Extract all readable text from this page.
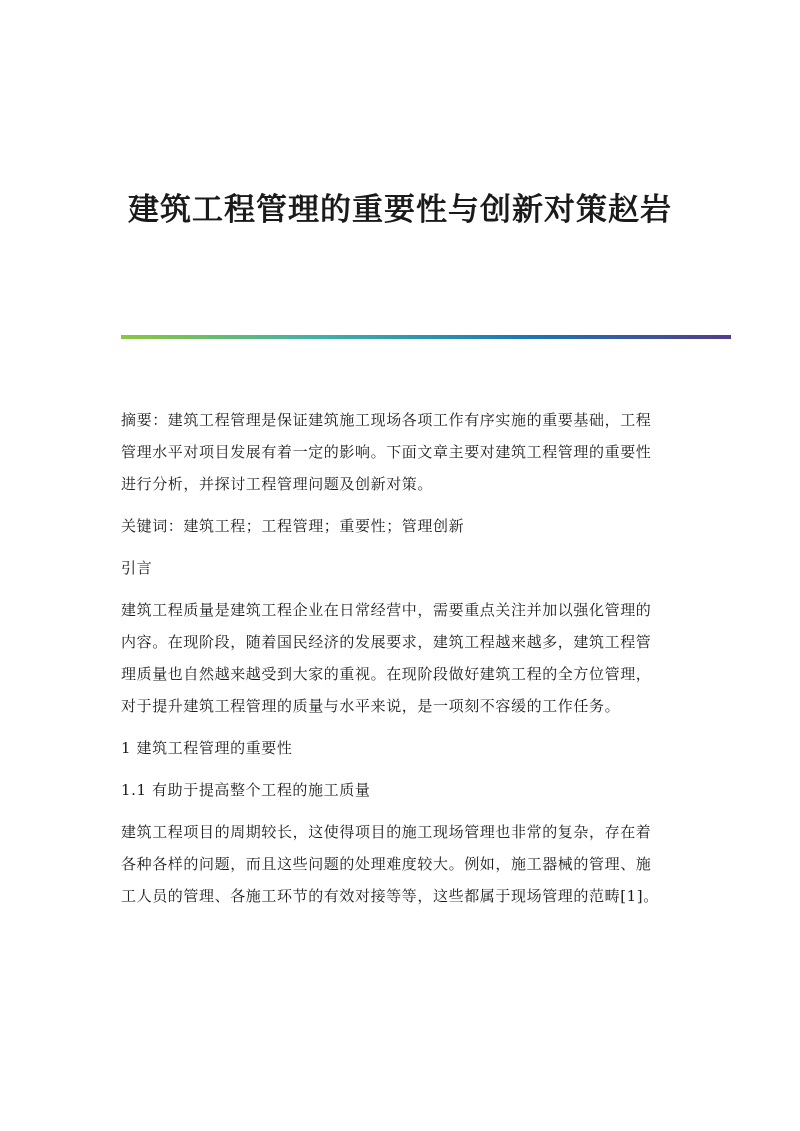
建筑工程管理的重要性与创新对策赵岩

摘要：建筑工程管理是保证建筑施工现场各项工作有序实施的重要基础，工程

管理水平对项目发展有着一定的影响。下面文章主要对建筑工程管理的重要性

进行分析，并探讨工程管理问题及创新对策。

关键词：建筑工程；工程管理；重要性；管理创新

引言

建筑工程质量是建筑工程企业在日常经营中，需要重点关注并加以强化管理的

内容。在现阶段，随着国民经济的发展要求，建筑工程越来越多，建筑工程管

理质量也自然越来越受到大家的重视。在现阶段做好建筑工程的全方位管理，

对于提升建筑工程管理的质量与水平来说，是一项刻不容缓的工作任务。

1 建筑工程管理的重要性

1.1 有助于提高整个工程的施工质量

建筑工程项目的周期较长，这使得项目的施工现场管理也非常的复杂，存在着

各种各样的问题，而且这些问题的处理难度较大。例如，施工器械的管理、施

工人员的管理、各施工环节的有效对接等等，这些都属于现场管理的范畴[1]。
